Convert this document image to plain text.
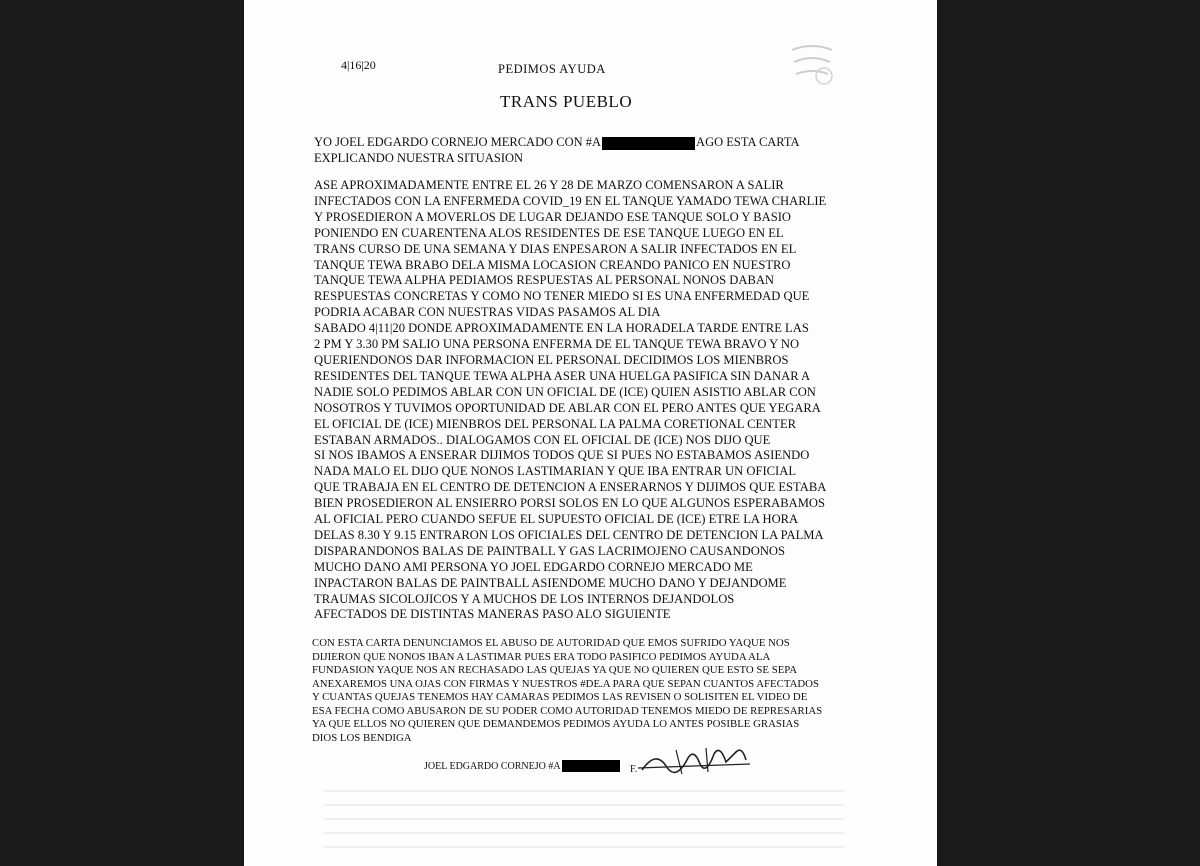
4|16|20	PEDIMOS AYUDA
TRANS PUEBLO
YO JOEL EDGARDO CORNEJO MERCADO CON #A	AGO ESTA CARTA
EXPLICANDO NUESTRA SITUASION
ASE APROXIMADAMENTE ENTRE EL 26 Y 28 DE MARZO COMENSARON A SALIR
INFECTADOS CON LA ENFERMEDA COVID_19 EN EL TANQUE YAMADO TEWA CHARLIE
Y PROSEDIERON A MOVERLOS DE LUGAR DEJANDO ESE TANQUE SOLO Y BASIO
PONIENDO EN CUARENTENA ALOS RESIDENTES DE ESE TANQUE LUEGO EN EL
TRANS CURSO DE UNA SEMANA Y DIAS ENPESARON A SALIR INFECTADOS EN EL
TANQUE TEWA BRABO DELA MISMA LOCASION CREANDO PANICO EN NUESTRO
TANQUE TEWA ALPHA PEDIAMOS RESPUESTAS AL PERSONAL NONOS DABAN
RESPUESTAS CONCRETAS Y COMO NO TENER MIEDO SI ES UNA ENFERMEDAD QUE
PODRIA ACABAR CON NUESTRAS VIDAS PASAMOS AL DIA
SABADO 4|11|20 DONDE APROXIMADAMENTE EN LA HORADELA TARDE ENTRE LAS
2 PM Y 3.30 PM SALIO UNA PERSONA ENFERMA DE EL TANQUE TEWA BRAVO Y NO
QUERIENDONOS DAR INFORMACION EL PERSONAL DECIDIMOS LOS MIENBROS
RESIDENTES DEL TANQUE TEWA ALPHA ASER UNA HUELGA PASIFICA SIN DANAR A
NADIE SOLO PEDIMOS ABLAR CON UN OFICIAL DE (ICE) QUIEN ASISTIO ABLAR CON
NOSOTROS Y TUVIMOS OPORTUNIDAD DE ABLAR CON EL PERO ANTES QUE YEGARA
EL OFICIAL DE (ICE) MIENBROS DEL PERSONAL LA PALMA CORETIONAL CENTER
ESTABAN ARMADOS.. DIALOGAMOS CON EL OFICIAL DE (ICE) NOS DIJO QUE
SI NOS IBAMOS A ENSERAR DIJIMOS TODOS QUE SI PUES NO ESTABAMOS ASIENDO
NADA MALO EL DIJO QUE NONOS LASTIMARIAN Y QUE IBA ENTRAR UN OFICIAL
QUE TRABAJA EN EL CENTRO DE DETENCION A ENSERARNOS Y DIJIMOS QUE ESTABA
BIEN PROSEDIERON AL ENSIERRO PORSI SOLOS EN LO QUE ALGUNOS ESPERABAMOS
AL OFICIAL PERO CUANDO SEFUE EL SUPUESTO OFICIAL DE (ICE) ETRE LA HORA
DELAS 8.30 Y 9.15 ENTRARON LOS OFICIALES DEL CENTRO DE DETENCION LA PALMA
DISPARANDONOS BALAS DE PAINTBALL Y GAS LACRIMOJENO CAUSANDONOS
MUCHO DANO AMI PERSONA YO JOEL EDGARDO CORNEJO MERCADO ME
INPACTARON BALAS DE PAINTBALL ASIENDOME MUCHO DANO Y DEJANDOME
TRAUMAS SICOLOJICOS Y A MUCHOS DE LOS INTERNOS DEJANDOLOS
AFECTADOS DE DISTINTAS MANERAS PASO ALO SIGUIENTE
CON ESTA CARTA DENUNCIAMOS EL ABUSO DE AUTORIDAD QUE EMOS SUFRIDO YAQUE NOS
DIJIERON QUE NONOS IBAN A LASTIMAR PUES ERA TODO PASIFICO PEDIMOS AYUDA ALA
FUNDASION YAQUE NOS AN RECHASADO LAS QUEJAS YA QUE NO QUIEREN QUE ESTO SE SEPA
ANEXAREMOS UNA OJAS CON FIRMAS Y NUESTROS #DE.A PARA QUE SEPAN CUANTOS AFECTADOS
Y CUANTAS QUEJAS TENEMOS HAY CAMARAS PEDIMOS LAS REVISEN O SOLISITEN EL VIDEO DE
ESA FECHA COMO ABUSARON DE SU PODER COMO AUTORIDAD TENEMOS MIEDO DE REPRESARIAS
YA QUE ELLOS NO QUIEREN QUE DEMANDEMOS PEDIMOS AYUDA LO ANTES POSIBLE GRASIAS
DIOS LOS BENDIGA
JOEL EDGARDO CORNEJO #A	F.
